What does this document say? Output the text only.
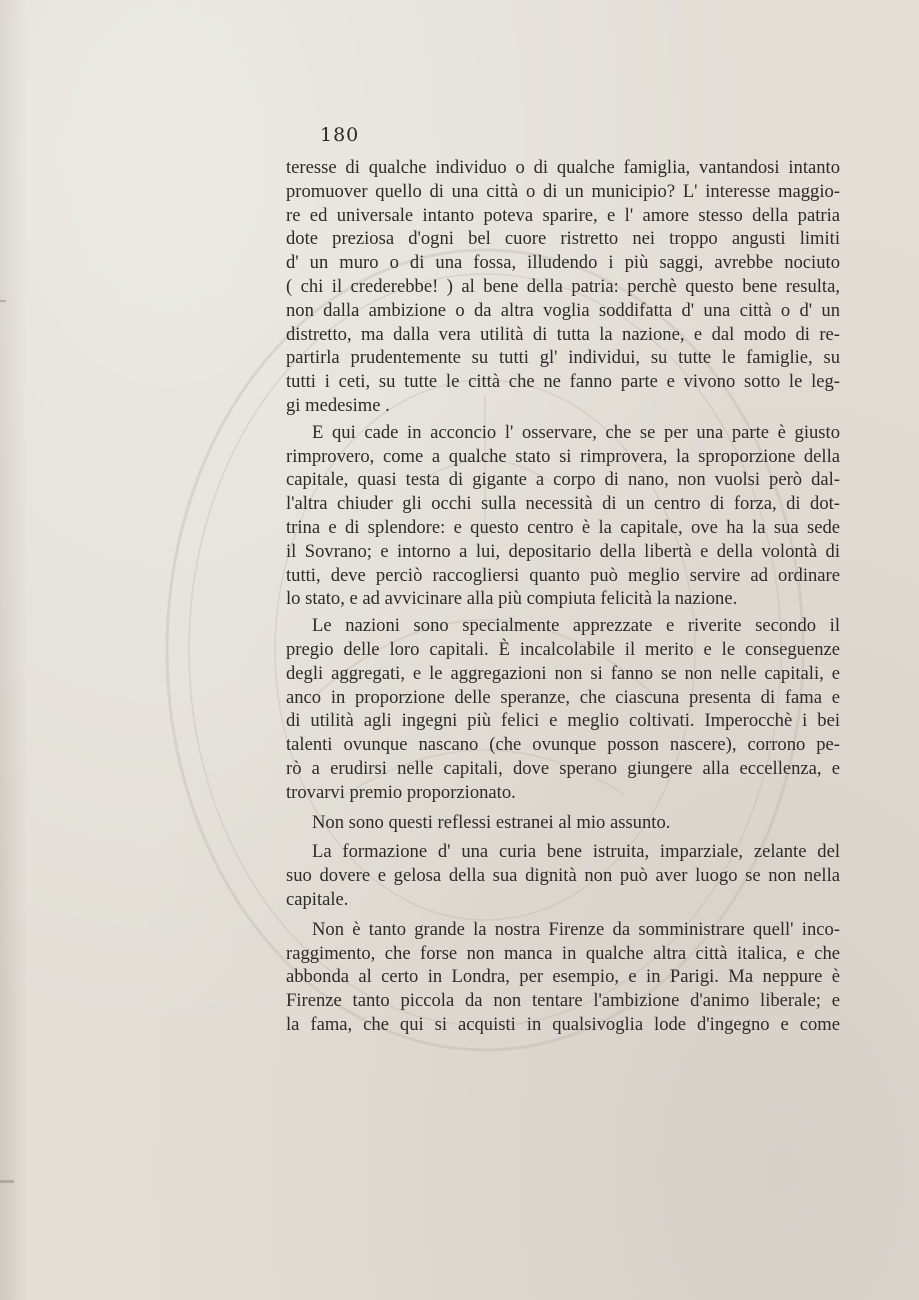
180

teresse di qualche individuo o di qualche famiglia, vantandosi intanto
promuover quello di una città o di un municipio? L' interesse maggio-
re ed universale intanto poteva sparire, e l' amore stesso della patria
dote preziosa d'ogni bel cuore ristretto nei troppo angusti limiti
d' un muro o di una fossa, illudendo i più saggi, avrebbe nociuto
( chi il crederebbe! ) al bene della patria: perchè questo bene resulta,
non dalla ambizione o da altra voglia soddifatta d' una città o d' un
distretto, ma dalla vera utilità di tutta la nazione, e dal modo di re-
partirla prudentemente su tutti gl' individui, su tutte le famiglie, su
tutti i ceti, su tutte le città che ne fanno parte e vivono sotto le leg-
gi medesime .

E qui cade in acconcio l' osservare, che se per una parte è giusto
rimprovero, come a qualche stato si rimprovera, la sproporzione della
capitale, quasi testa di gigante a corpo di nano, non vuolsi però dal-
l'altra chiuder gli occhi sulla necessità di un centro di forza, di dot-
trina e di splendore: e questo centro è la capitale, ove ha la sua sede
il Sovrano; e intorno a lui, depositario della libertà e della volontà di
tutti, deve perciò raccogliersi quanto può meglio servire ad ordinare
lo stato, e ad avvicinare alla più compiuta felicità la nazione.

Le nazioni sono specialmente apprezzate e riverite secondo il
pregio delle loro capitali. È incalcolabile il merito e le conseguenze
degli aggregati, e le aggregazioni non si fanno se non nelle capitali, e
anco in proporzione delle speranze, che ciascuna presenta di fama e
di utilità agli ingegni più felici e meglio coltivati. Imperocchè i bei
talenti ovunque nascano (che ovunque posson nascere), corrono pe-
rò a erudirsi nelle capitali, dove sperano giungere alla eccellenza, e
trovarvi premio proporzionato.

Non sono questi reflessi estranei al mio assunto.

La formazione d' una curia bene istruita, imparziale, zelante del
suo dovere e gelosa della sua dignità non può aver luogo se non nella
capitale.

Non è tanto grande la nostra Firenze da somministrare quell' inco-
raggimento, che forse non manca in qualche altra città italica, e che
abbonda al certo in Londra, per esempio, e in Parigi. Ma neppure è
Firenze tanto piccola da non tentare l'ambizione d'animo liberale; e
la fama, che qui si acquisti in qualsivoglia lode d'ingegno e come
